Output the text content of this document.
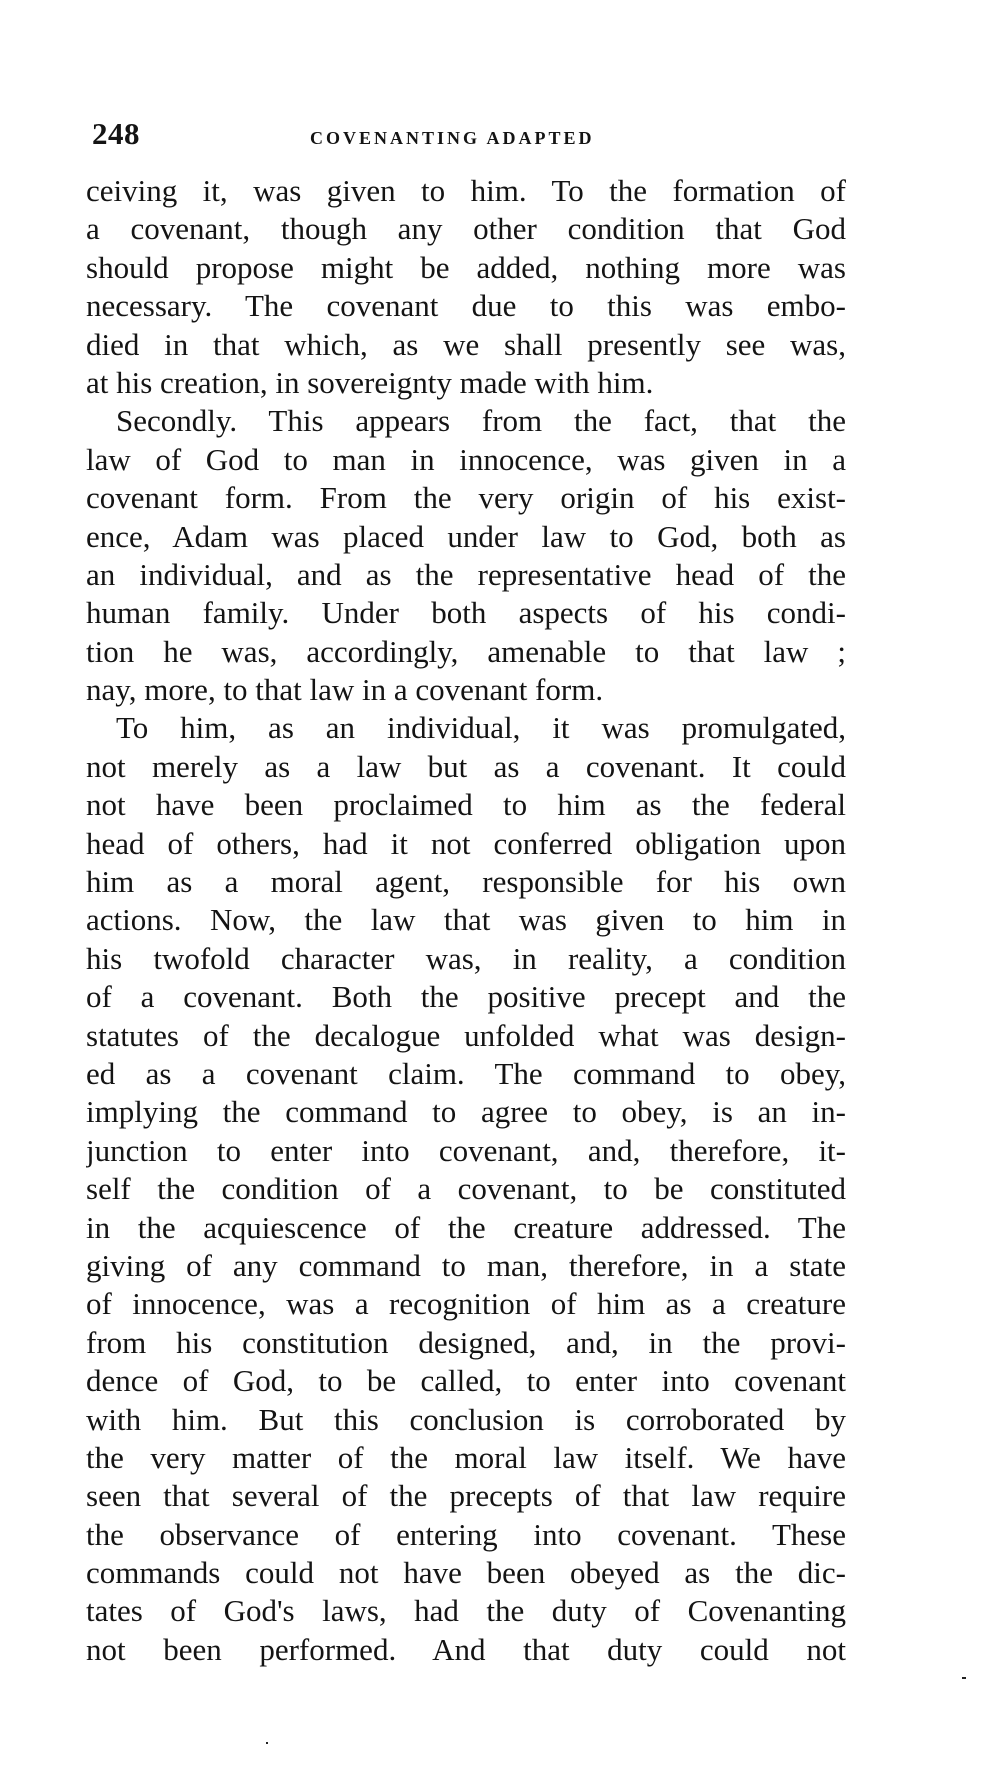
248	COVENANTING ADAPTED
ceiving it, was given to him. To the formation of
a covenant, though any other condition that God
should propose might be added, nothing more was
necessary. The covenant due to this was embo-
died in that which, as we shall presently see was,
at his creation, in sovereignty made with him.
Secondly. This appears from the fact, that the
law of God to man in innocence, was given in a
covenant form. From the very origin of his exist-
ence, Adam was placed under law to God, both as
an individual, and as the representative head of the
human family. Under both aspects of his condi-
tion he was, accordingly, amenable to that law ;
nay, more, to that law in a covenant form.
To him, as an individual, it was promulgated,
not merely as a law but as a covenant. It could
not have been proclaimed to him as the federal
head of others, had it not conferred obligation upon
him as a moral agent, responsible for his own
actions. Now, the law that was given to him in
his twofold character was, in reality, a condition
of a covenant. Both the positive precept and the
statutes of the decalogue unfolded what was design-
ed as a covenant claim. The command to obey,
implying the command to agree to obey, is an in-
junction to enter into covenant, and, therefore, it-
self the condition of a covenant, to be constituted
in the acquiescence of the creature addressed. The
giving of any command to man, therefore, in a state
of innocence, was a recognition of him as a creature
from his constitution designed, and, in the provi-
dence of God, to be called, to enter into covenant
with him. But this conclusion is corroborated by
the very matter of the moral law itself. We have
seen that several of the precepts of that law require
the observance of entering into covenant. These
commands could not have been obeyed as the dic-
tates of God's laws, had the duty of Covenanting
not been performed. And that duty could not
